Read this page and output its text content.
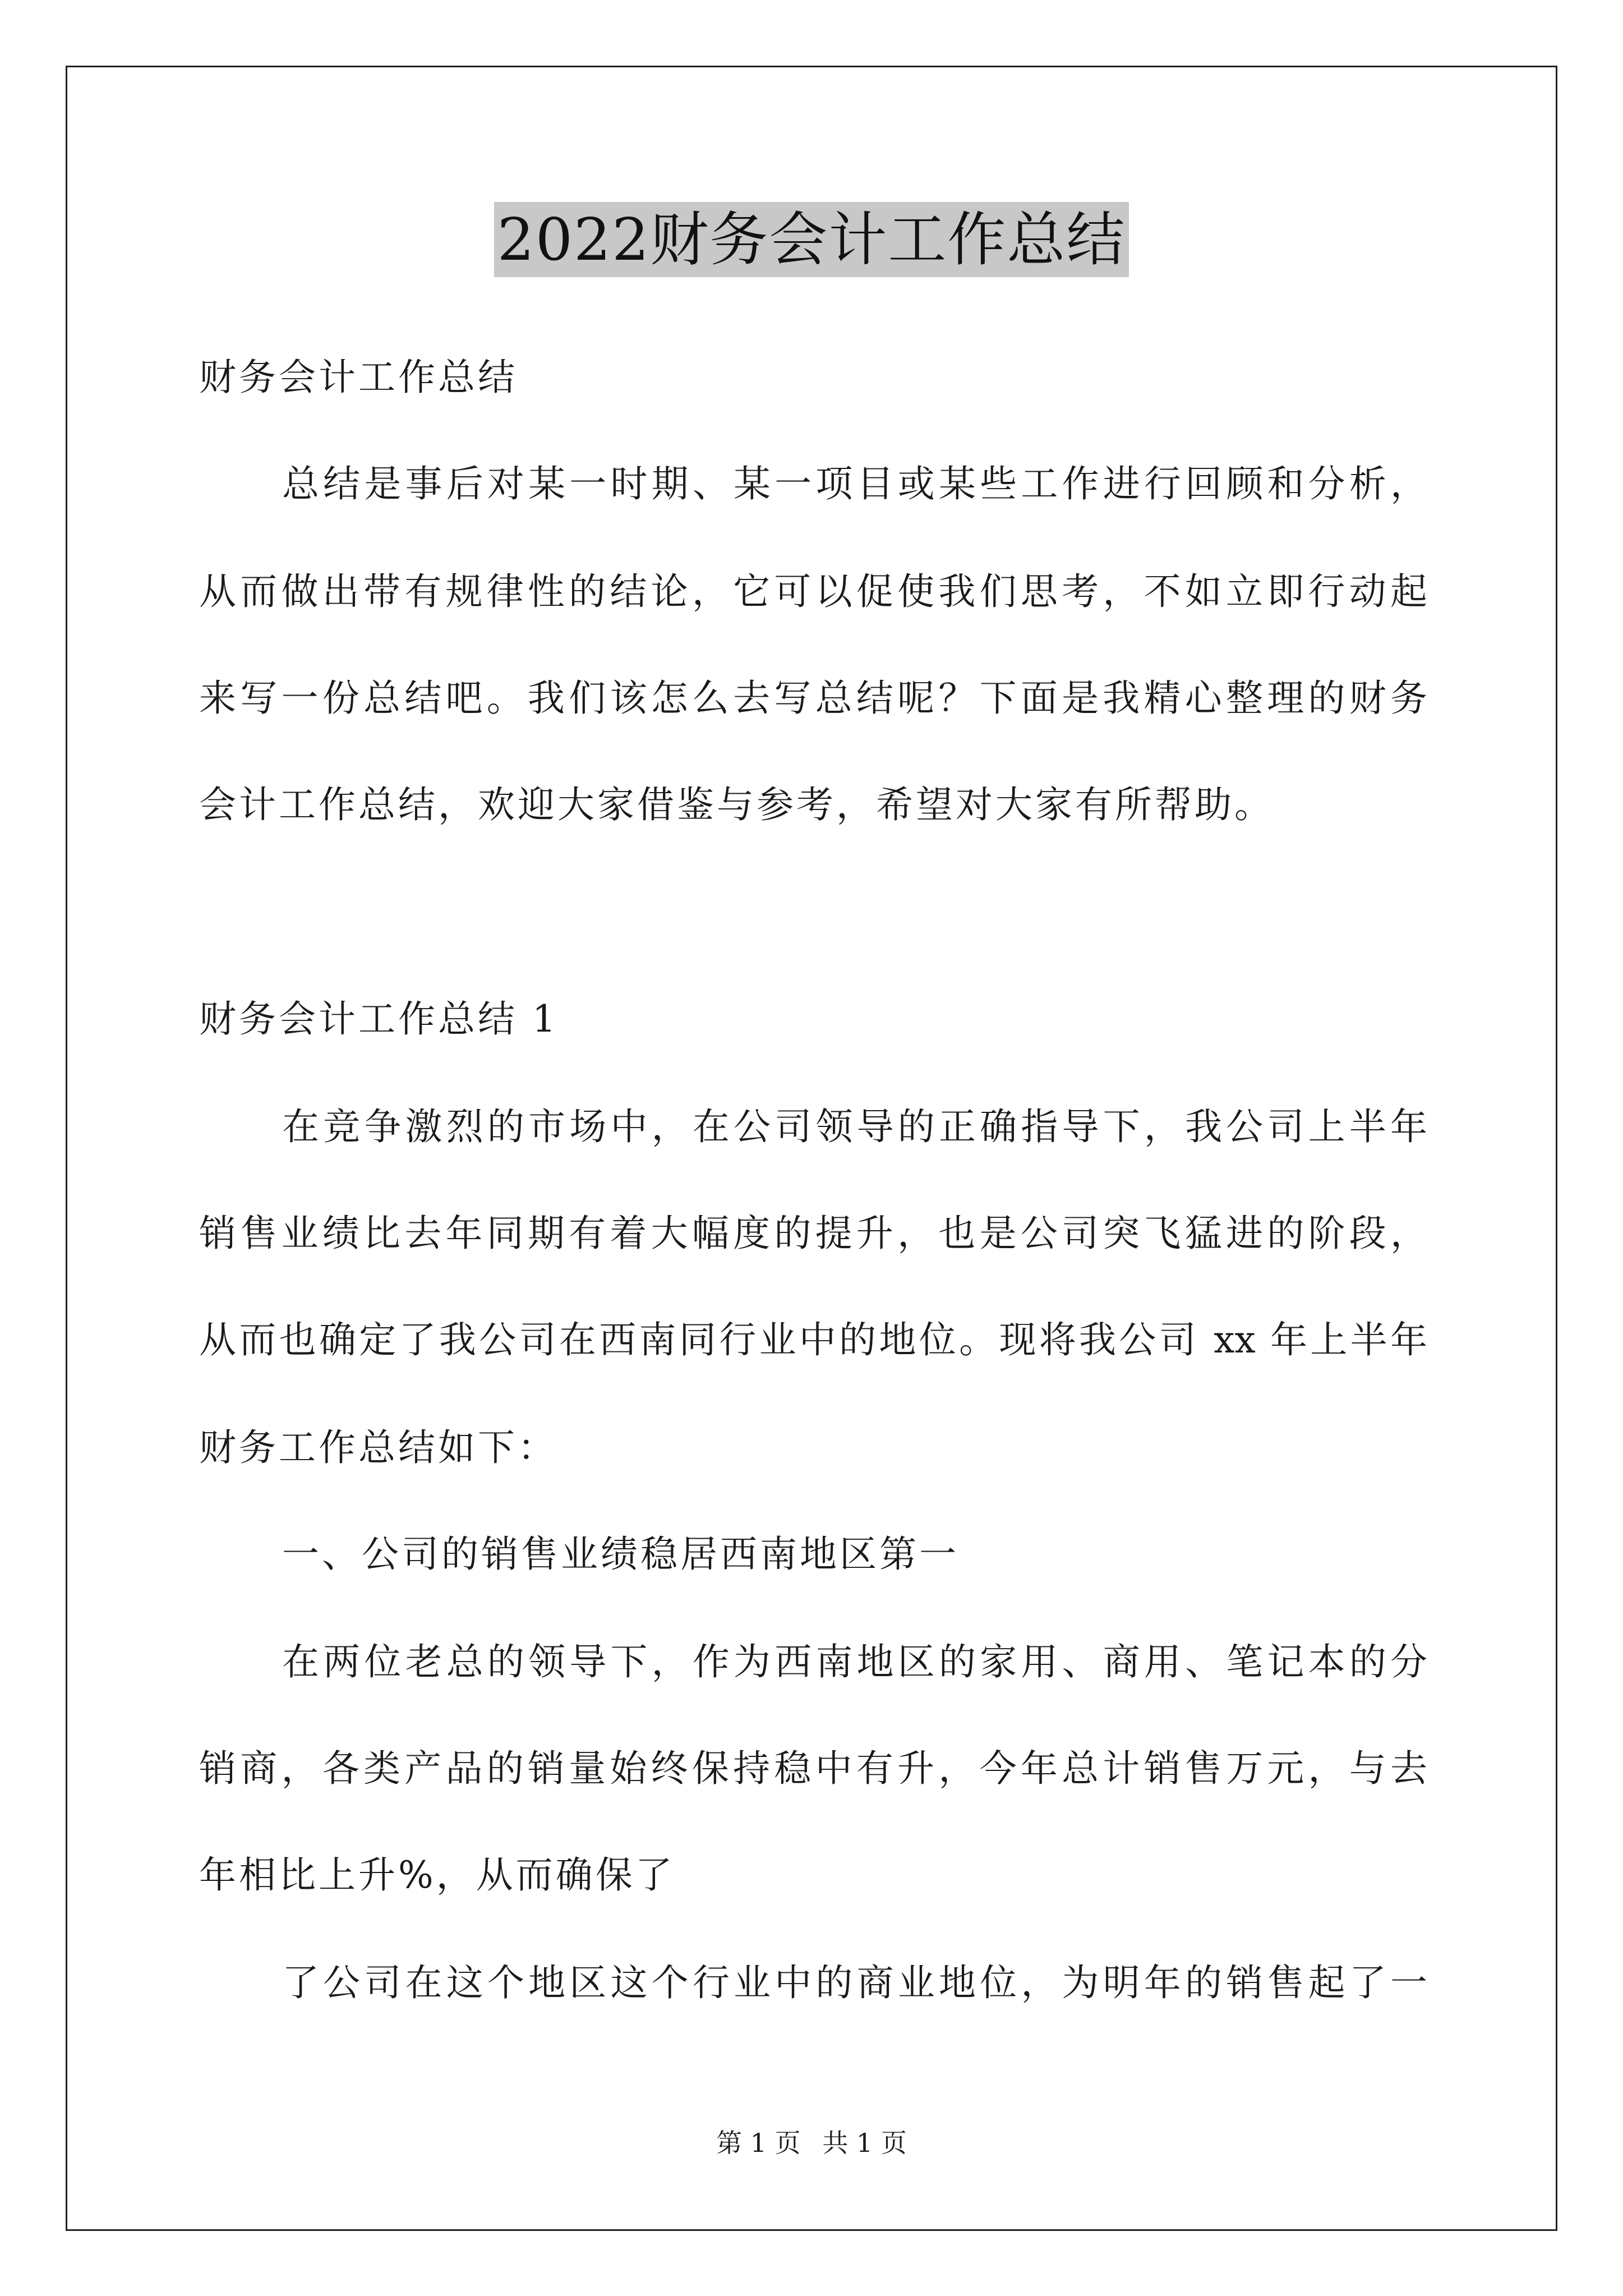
2022财务会计工作总结
财务会计工作总结
总结是事后对某一时期、某一项目或某些工作进行回顾和分析，
从而做出带有规律性的结论，它可以促使我们思考，不如立即行动起
来写一份总结吧。我们该怎么去写总结呢？下面是我精心整理的财务
会计工作总结，欢迎大家借鉴与参考，希望对大家有所帮助。
财务会计工作总结 1
在竞争激烈的市场中，在公司领导的正确指导下，我公司上半年
销售业绩比去年同期有着大幅度的提升，也是公司突飞猛进的阶段，
从而也确定了我公司在西南同行业中的地位。现将我公司 xx 年上半年
财务工作总结如下：
一、公司的销售业绩稳居西南地区第一
在两位老总的领导下，作为西南地区的家用、商用、笔记本的分
销商，各类产品的销量始终保持稳中有升，今年总计销售万元，与去
年相比上升%，从而确保了
了公司在这个地区这个行业中的商业地位，为明年的销售起了一
第 1 页 共 1 页
